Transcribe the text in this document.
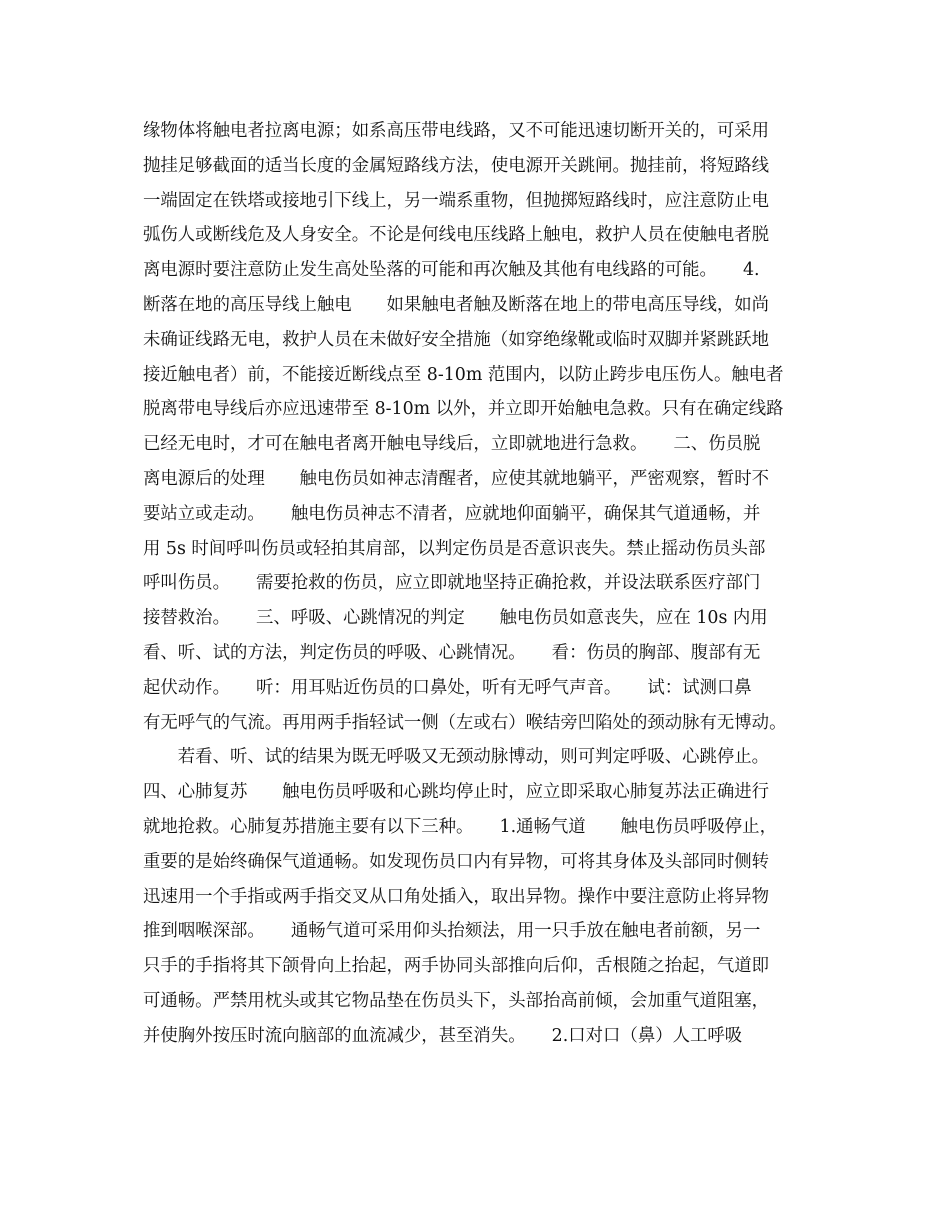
缘物体将触电者拉离电源；如系高压带电线路，又不可能迅速切断开关的，可采用
抛挂足够截面的适当长度的金属短路线方法，使电源开关跳闸。抛挂前，将短路线
一端固定在铁塔或接地引下线上，另一端系重物，但抛掷短路线时，应注意防止电
弧伤人或断线危及人身安全。不论是何线电压线路上触电，救护人员在使触电者脱
离电源时要注意防止发生高处坠落的可能和再次触及其他有电线路的可能。　　4.
断落在地的高压导线上触电　　如果触电者触及断落在地上的带电高压导线，如尚
未确证线路无电，救护人员在未做好安全措施（如穿绝缘靴或临时双脚并紧跳跃地
接近触电者）前，不能接近断线点至 8-10m 范围内，以防止跨步电压伤人。触电者
脱离带电导线后亦应迅速带至 8-10m 以外，并立即开始触电急救。只有在确定线路
已经无电时，才可在触电者离开触电导线后，立即就地进行急救。　　二、伤员脱
离电源后的处理　　触电伤员如神志清醒者，应使其就地躺平，严密观察，暂时不
要站立或走动。　　触电伤员神志不清者，应就地仰面躺平，确保其气道通畅，并
用 5s 时间呼叫伤员或轻拍其肩部，以判定伤员是否意识丧失。禁止摇动伤员头部
呼叫伤员。　　需要抢救的伤员，应立即就地坚持正确抢救，并设法联系医疗部门
接替救治。　　三、呼吸、心跳情况的判定　　触电伤员如意丧失，应在 10s 内用
看、听、试的方法，判定伤员的呼吸、心跳情况。　　看：伤员的胸部、腹部有无
起伏动作。　　听：用耳贴近伤员的口鼻处，听有无呼气声音。　　试：试测口鼻
有无呼气的气流。再用两手指轻试一侧（左或右）喉结旁凹陷处的颈动脉有无博动。
　　若看、听、试的结果为既无呼吸又无颈动脉博动，则可判定呼吸、心跳停止。
四、心肺复苏　　触电伤员呼吸和心跳均停止时，应立即采取心肺复苏法正确进行
就地抢救。心肺复苏措施主要有以下三种。　　1.通畅气道　　触电伤员呼吸停止，
重要的是始终确保气道通畅。如发现伤员口内有异物，可将其身体及头部同时侧转
迅速用一个手指或两手指交叉从口角处插入，取出异物。操作中要注意防止将异物
推到咽喉深部。　　通畅气道可采用仰头抬颏法，用一只手放在触电者前额，另一
只手的手指将其下颌骨向上抬起，两手协同头部推向后仰，舌根随之抬起，气道即
可通畅。严禁用枕头或其它物品垫在伤员头下，头部抬高前倾，会加重气道阻塞，
并使胸外按压时流向脑部的血流减少，甚至消失。　　2.口对口（鼻）人工呼吸
